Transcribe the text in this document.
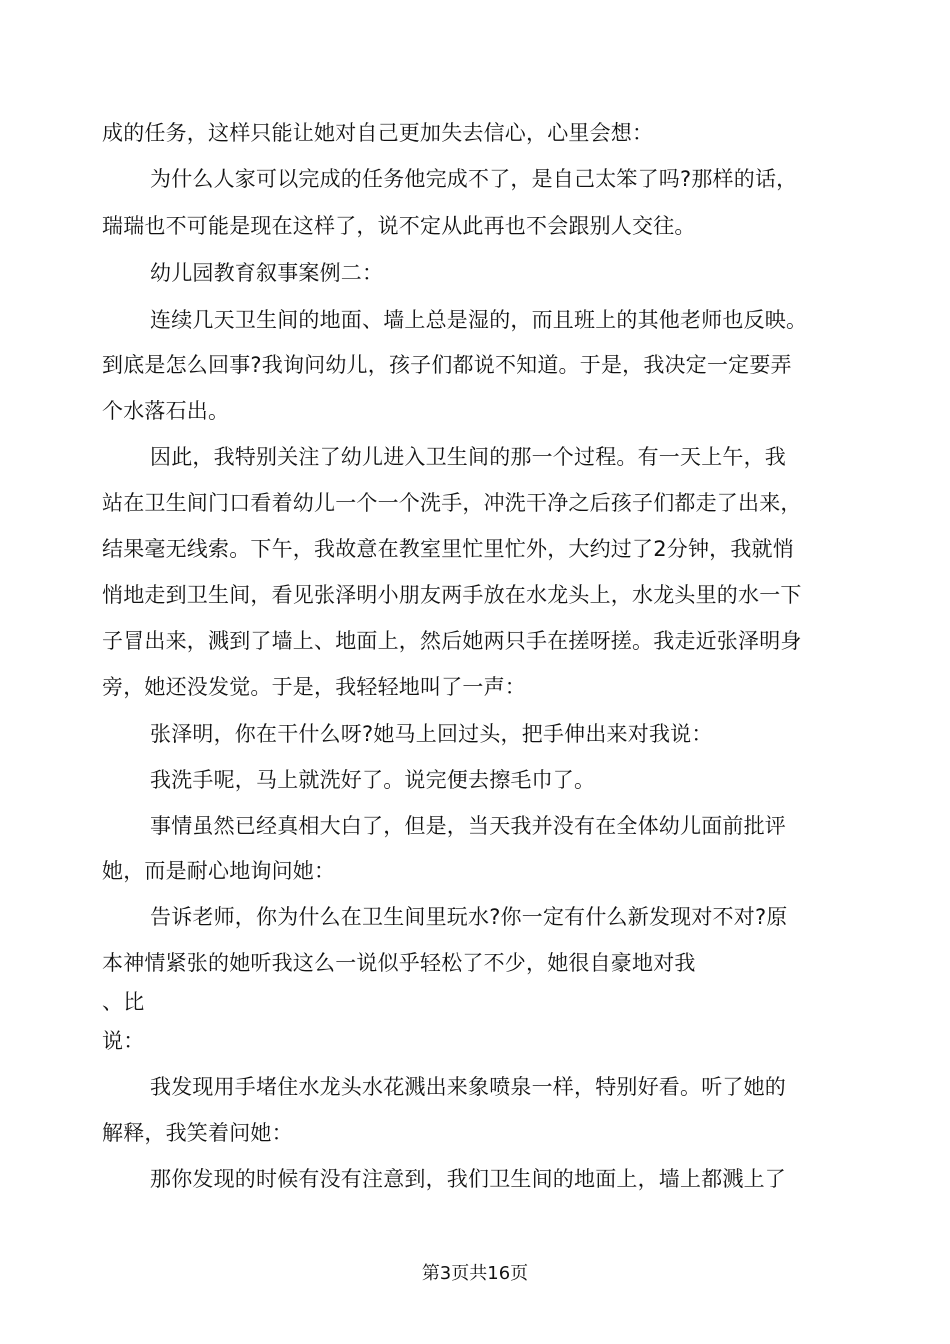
成的任务，这样只能让她对自己更加失去信心，心里会想：
为什么人家可以完成的任务他完成不了，是自己太笨了吗?那样的话，
瑞瑞也不可能是现在这样了，说不定从此再也不会跟别人交往。
幼儿园教育叙事案例二：
连续几天卫生间的地面、墙上总是湿的，而且班上的其他老师也反映。
到底是怎么回事?我询问幼儿，孩子们都说不知道。于是，我决定一定要弄
个水落石出。
因此，我特别关注了幼儿进入卫生间的那一个过程。有一天上午，我
站在卫生间门口看着幼儿一个一个洗手，冲洗干净之后孩子们都走了出来，
结果毫无线索。下午，我故意在教室里忙里忙外，大约过了2分钟，我就悄
悄地走到卫生间，看见张泽明小朋友两手放在水龙头上，水龙头里的水一下
子冒出来，溅到了墙上、地面上，然后她两只手在搓呀搓。我走近张泽明身
旁，她还没发觉。于是，我轻轻地叫了一声：
张泽明，你在干什么呀?她马上回过头，把手伸出来对我说：
我洗手呢，马上就洗好了。说完便去擦毛巾了。
事情虽然已经真相大白了，但是，当天我并没有在全体幼儿面前批评
她，而是耐心地询问她：
告诉老师，你为什么在卫生间里玩水?你一定有什么新发现对不对?原
本神情紧张的她听我这么一说似乎轻松了不少，她很自豪地对我
、比
说：
我发现用手堵住水龙头水花溅出来象喷泉一样，特别好看。听了她的
解释，我笑着问她：
那你发现的时候有没有注意到，我们卫生间的地面上，墙上都溅上了
第3页共16页
